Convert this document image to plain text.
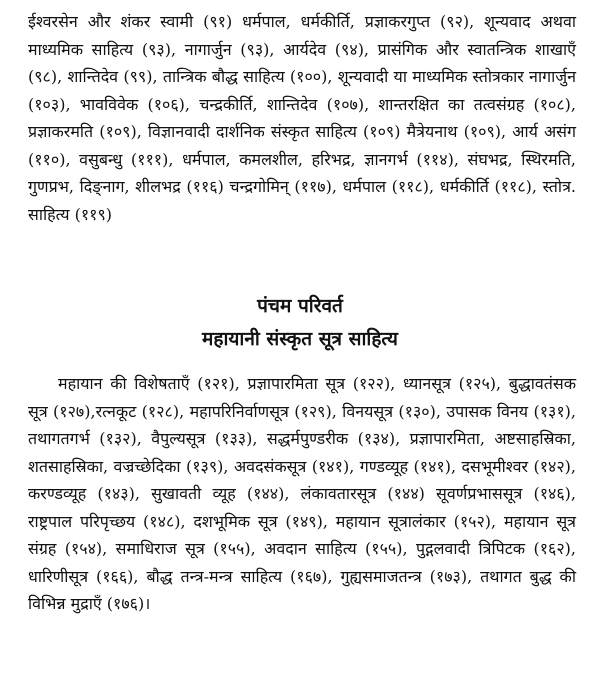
ईश्वरसेन और शंकर स्वामी (९१) धर्मपाल, धर्मकीर्ति, प्रज्ञाकरगुप्त (९२), शून्यवाद अथवा माध्यमिक साहित्य (९३), नागार्जुन (९३), आर्यदेव (९४), प्रासंगिक और स्वातन्त्रिक शाखाएँ (९८), शान्तिदेव (९९), तान्त्रिक बौद्ध साहित्य (१००), शून्यवादी या माध्यमिक स्तोत्रकार नागार्जुन (१०३), भावविवेक (१०६), चन्द्रकीर्ति, शान्तिदेव (१०७), शान्तरक्षित का तत्वसंग्रह (१०८), प्रज्ञाकरमति (१०९), विज्ञानवादी दार्शनिक संस्कृत साहित्य (१०९) मैत्रेयनाथ (१०९), आर्य असंग (११०), वसुबन्धु (१११), धर्मपाल, कमलशील, हरिभद्र, ज्ञानगर्भ (११४), संघभद्र, स्थिरमति, गुणप्रभ, दिङ्नाग, शीलभद्र (११६) चन्द्रगोमिन् (११७), धर्मपाल (११८), धर्मकीर्ति (११८), स्तोत्र. साहित्य (११९)

पंचम परिवर्त
महायानी संस्कृत सूत्र साहित्य

महायान की विशेषताएँ (१२१), प्रज्ञापारमिता सूत्र (१२२), ध्यानसूत्र (१२५), बुद्धावतंसक सूत्र (१२७),रत्नकूट (१२८), महापरिनिर्वाणसूत्र (१२९), विनयसूत्र (१३०), उपासक विनय (१३१), तथागतगर्भ (१३२), वैपुल्यसूत्र (१३३), सद्धर्मपुण्डरीक (१३४), प्रज्ञापारमिता, अष्टसाहस्रिका, शतसाहस्रिका, वज्रच्छेदिका (१३९), अवदसंकसूत्र (१४१), गण्डव्यूह (१४१), दसभूमीश्वर (१४२), करण्डव्यूह (१४३), सुखावती व्यूह (१४४), लंकावतारसूत्र (१४४) सूवर्णप्रभाससूत्र (१४६), राष्ट्रपाल परिपृच्छय (१४८), दशभूमिक सूत्र (१४९), महायान सूत्रालंकार (१५२), महायान सूत्र संग्रह (१५४), समाधिराज सूत्र (१५५), अवदान साहित्य (१५५), पुद्गलवादी त्रिपिटक (१६२), धारिणीसूत्र (१६६), बौद्ध तन्त्र-मन्त्र साहित्य (१६७), गुह्यसमाजतन्त्र (१७३), तथागत बुद्ध की विभिन्न मुद्राएँ (१७६)।
